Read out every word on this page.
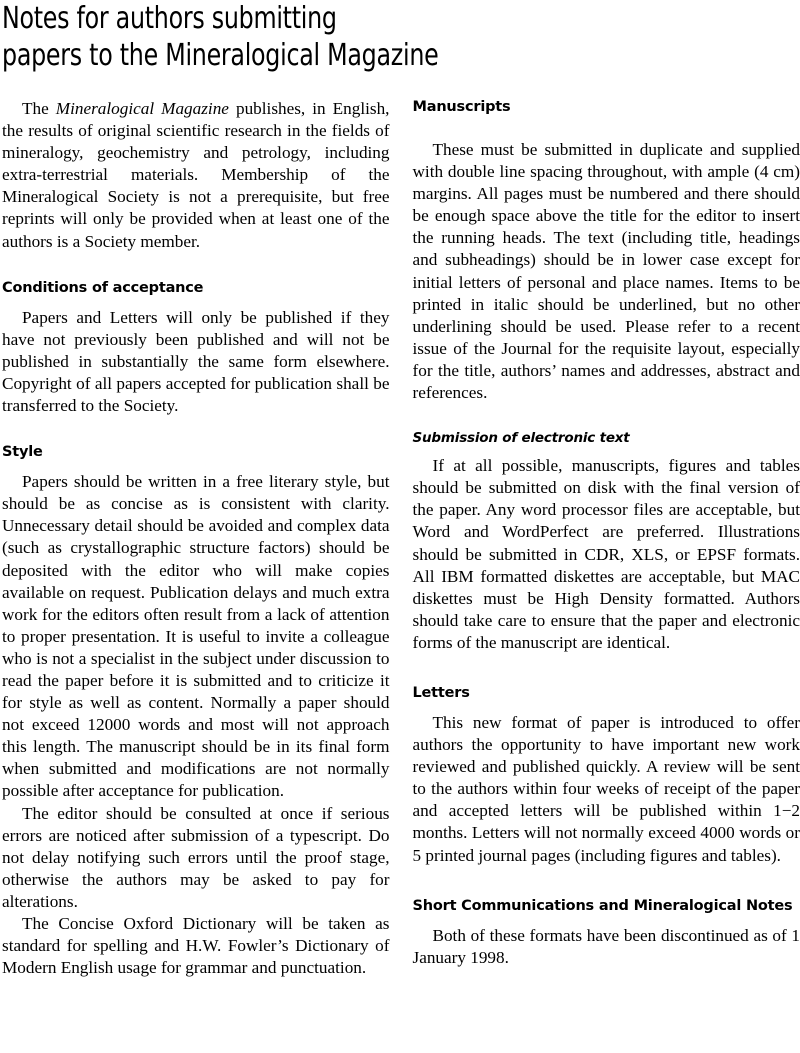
Notes for authors submitting
papers to the Mineralogical Magazine

The Mineralogical Magazine publishes, in English, the results of original scientific research in the fields of mineralogy, geochemistry and petrology, including extra-terrestrial materials. Membership of the Mineralogical Society is not a prerequisite, but free reprints will only be provided when at least one of the authors is a Society member.

Conditions of acceptance

Papers and Letters will only be published if they have not previously been published and will not be published in substantially the same form elsewhere. Copyright of all papers accepted for publication shall be transferred to the Society.

Style

Papers should be written in a free literary style, but should be as concise as is consistent with clarity. Unnecessary detail should be avoided and complex data (such as crystallographic structure factors) should be deposited with the editor who will make copies available on request. Publication delays and much extra work for the editors often result from a lack of attention to proper presentation. It is useful to invite a colleague who is not a specialist in the subject under discussion to read the paper before it is submitted and to criticize it for style as well as content. Normally a paper should not exceed 12000 words and most will not approach this length. The manuscript should be in its final form when submitted and modifications are not normally possible after acceptance for publication.

The editor should be consulted at once if serious errors are noticed after submission of a typescript. Do not delay notifying such errors until the proof stage, otherwise the authors may be asked to pay for alterations.

The Concise Oxford Dictionary will be taken as standard for spelling and H.W. Fowler’s Dictionary of Modern English usage for grammar and punctuation.

Manuscripts

These must be submitted in duplicate and supplied with double line spacing throughout, with ample (4 cm) margins. All pages must be numbered and there should be enough space above the title for the editor to insert the running heads. The text (including title, headings and subheadings) should be in lower case except for initial letters of personal and place names. Items to be printed in italic should be underlined, but no other underlining should be used. Please refer to a recent issue of the Journal for the requisite layout, especially for the title, authors’ names and addresses, abstract and references.

Submission of electronic text

If at all possible, manuscripts, figures and tables should be submitted on disk with the final version of the paper. Any word processor files are acceptable, but Word and WordPerfect are preferred. Illustrations should be submitted in CDR, XLS, or EPSF formats. All IBM formatted diskettes are acceptable, but MAC diskettes must be High Density formatted. Authors should take care to ensure that the paper and electronic forms of the manuscript are identical.

Letters

This new format of paper is introduced to offer authors the opportunity to have important new work reviewed and published quickly. A review will be sent to the authors within four weeks of receipt of the paper and accepted letters will be published within 1−2 months. Letters will not normally exceed 4000 words or 5 printed journal pages (including figures and tables).

Short Communications and Mineralogical Notes

Both of these formats have been discontinued as of 1 January 1998.
